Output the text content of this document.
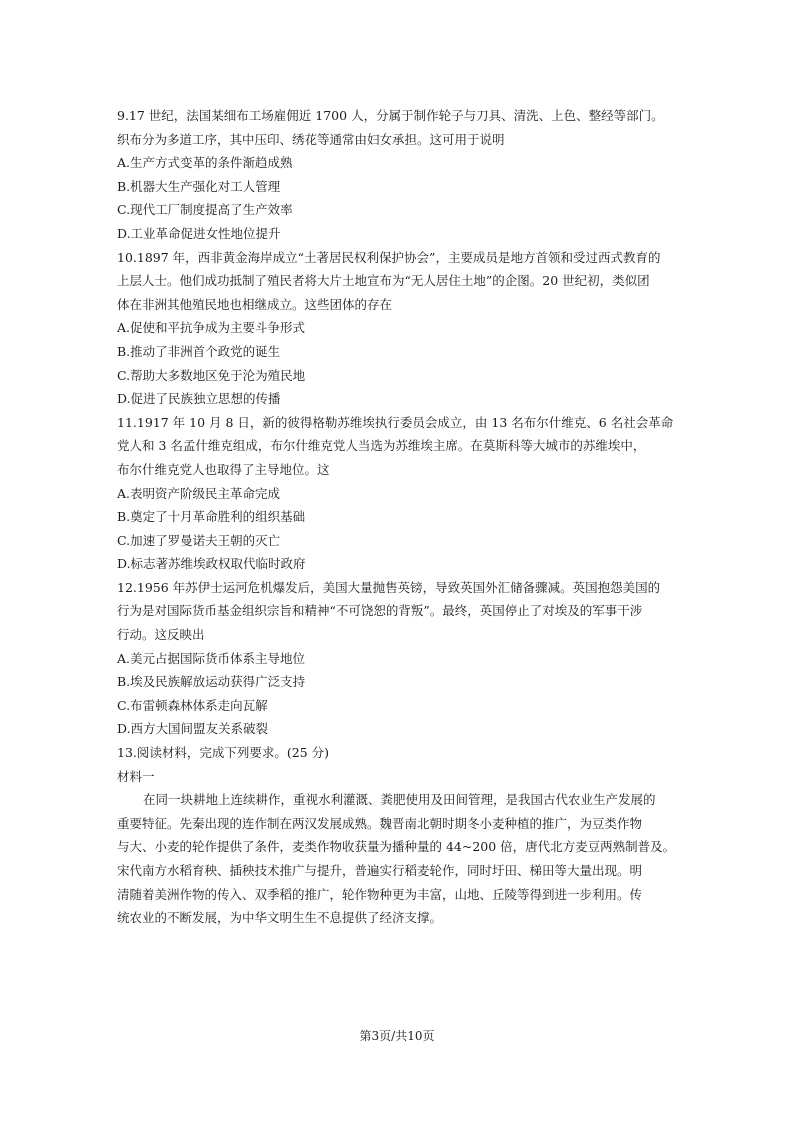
9.17 世纪，法国某细布工场雇佣近 1700 人，分属于制作轮子与刀具、清洗、上色、整经等部门。
织布分为多道工序，其中压印、绣花等通常由妇女承担。这可用于说明
A.生产方式变革的条件渐趋成熟
B.机器大生产强化对工人管理
C.现代工厂制度提高了生产效率
D.工业革命促进女性地位提升
10.1897 年，西非黄金海岸成立“土著居民权利保护协会”，主要成员是地方首领和受过西式教育的
上层人士。他们成功抵制了殖民者将大片土地宣布为“无人居住土地”的企图。20 世纪初，类似团
体在非洲其他殖民地也相继成立。这些团体的存在
A.促使和平抗争成为主要斗争形式
B.推动了非洲首个政党的诞生
C.帮助大多数地区免于沦为殖民地
D.促进了民族独立思想的传播
11.1917 年 10 月 8 日，新的彼得格勒苏维埃执行委员会成立，由 13 名布尔什维克、6 名社会革命
党人和 3 名孟什维克组成，布尔什维克党人当选为苏维埃主席。在莫斯科等大城市的苏维埃中，
布尔什维克党人也取得了主导地位。这
A.表明资产阶级民主革命完成
B.奠定了十月革命胜利的组织基础
C.加速了罗曼诺夫王朝的灭亡
D.标志著苏维埃政权取代临时政府
12.1956 年苏伊士运河危机爆发后，美国大量抛售英镑，导致英国外汇储备骤减。英国抱怨美国的
行为是对国际货币基金组织宗旨和精神“不可饶恕的背叛”。最终，英国停止了对埃及的军事干涉
行动。这反映出
A.美元占据国际货币体系主导地位
B.埃及民族解放运动获得广泛支持
C.布雷顿森林体系走向瓦解
D.西方大国间盟友关系破裂
13.阅读材料，完成下列要求。(25 分)
材料一
在同一块耕地上连续耕作，重视水利灌溉、粪肥使用及田间管理，是我国古代农业生产发展的
重要特征。先秦出现的连作制在两汉发展成熟。魏晋南北朝时期冬小麦种植的推广，为豆类作物
与大、小麦的轮作提供了条件，麦类作物收获量为播种量的 44~200 倍，唐代北方麦豆两熟制普及。
宋代南方水稻育秧、插秧技术推广与提升，普遍实行稻麦轮作，同时圩田、梯田等大量出现。明
清随着美洲作物的传入、双季稻的推广，轮作物种更为丰富，山地、丘陵等得到进一步利用。传
统农业的不断发展，为中华文明生生不息提供了经济支撑。
第3页/共10页
